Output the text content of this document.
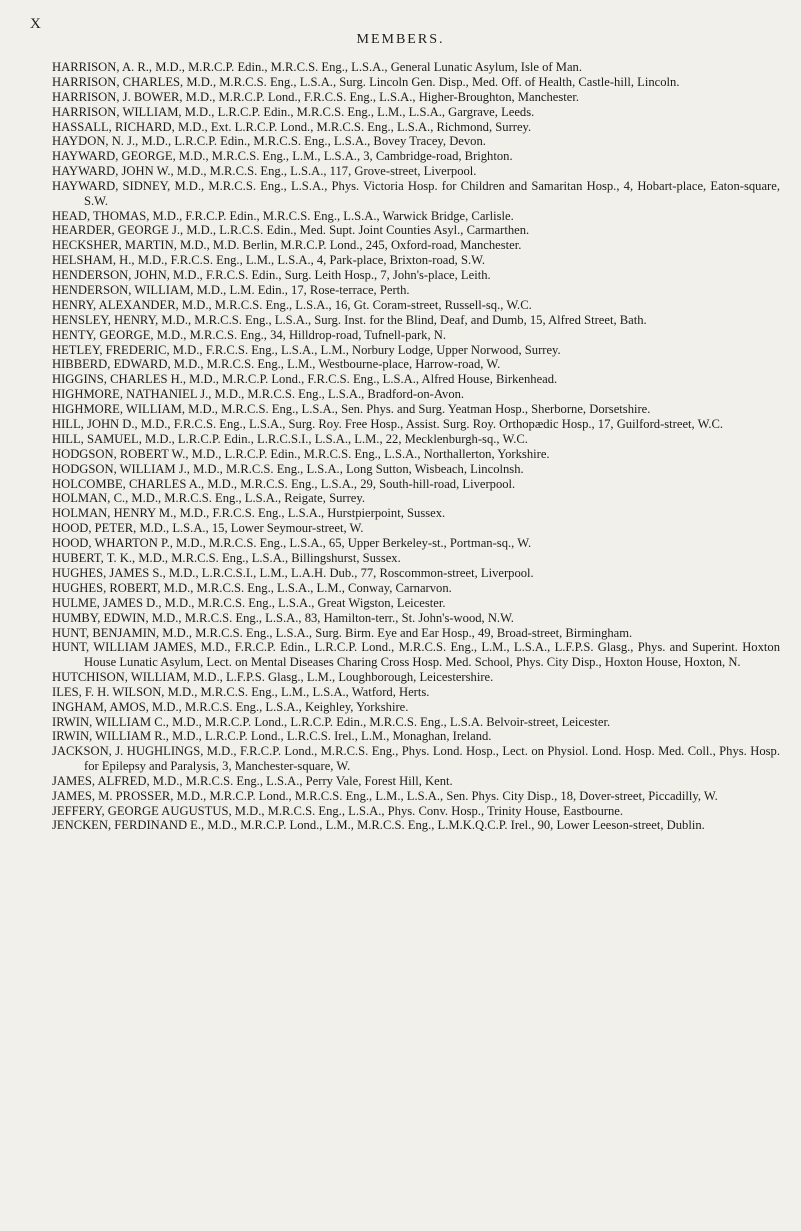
X
MEMBERS.
HARRISON, A. R., M.D., M.R.C.P. Edin., M.R.C.S. Eng., L.S.A., General Lunatic Asylum, Isle of Man.
HARRISON, CHARLES, M.D., M.R.C.S. Eng., L.S.A., Surg. Lincoln Gen. Disp., Med. Off. of Health, Castle-hill, Lincoln.
HARRISON, J. BOWER, M.D., M.R.C.P. Lond., F.R.C.S. Eng., L.S.A., Higher-Broughton, Manchester.
HARRISON, WILLIAM, M.D., L.R.C.P. Edin., M.R.C.S. Eng., L.M., L.S.A., Gargrave, Leeds.
HASSALL, RICHARD, M.D., Ext. L.R.C.P. Lond., M.R.C.S. Eng., L.S.A., Richmond, Surrey.
HAYDON, N. J., M.D., L.R.C.P. Edin., M.R.C.S. Eng., L.S.A., Bovey Tracey, Devon.
HAYWARD, GEORGE, M.D., M.R.C.S. Eng., L.M., L.S.A., 3, Cambridge-road, Brighton.
HAYWARD, JOHN W., M.D., M.R.C.S. Eng., L.S.A., 117, Grove-street, Liverpool.
HAYWARD, SIDNEY, M.D., M.R.C.S. Eng., L.S.A., Phys. Victoria Hosp. for Children and Samaritan Hosp., 4, Hobart-place, Eaton-square, S.W.
HEAD, THOMAS, M.D., F.R.C.P. Edin., M.R.C.S. Eng., L.S.A., Warwick Bridge, Carlisle.
HEARDER, GEORGE J., M.D., L.R.C.S. Edin., Med. Supt. Joint Counties Asyl., Carmarthen.
HECKSHER, MARTIN, M.D., M.D. Berlin, M.R.C.P. Lond., 245, Oxford-road, Manchester.
HELSHAM, H., M.D., F.R.C.S. Eng., L.M., L.S.A., 4, Park-place, Brixton-road, S.W.
HENDERSON, JOHN, M.D., F.R.C.S. Edin., Surg. Leith Hosp., 7, John's-place, Leith.
HENDERSON, WILLIAM, M.D., L.M. Edin., 17, Rose-terrace, Perth.
HENRY, ALEXANDER, M.D., M.R.C.S. Eng., L.S.A., 16, Gt. Coram-street, Russell-sq., W.C.
HENSLEY, HENRY, M.D., M.R.C.S. Eng., L.S.A., Surg. Inst. for the Blind, Deaf, and Dumb, 15, Alfred Street, Bath.
HENTY, GEORGE, M.D., M.R.C.S. Eng., 34, Hilldrop-road, Tufnell-park, N.
HETLEY, FREDERIC, M.D., F.R.C.S. Eng., L.S.A., L.M., Norbury Lodge, Upper Norwood, Surrey.
HIBBERD, EDWARD, M.D., M.R.C.S. Eng., L.M., Westbourne-place, Harrow-road, W.
HIGGINS, CHARLES H., M.D., M.R.C.P. Lond., F.R.C.S. Eng., L.S.A., Alfred House, Birkenhead.
HIGHMORE, NATHANIEL J., M.D., M.R.C.S. Eng., L.S.A., Bradford-on-Avon.
HIGHMORE, WILLIAM, M.D., M.R.C.S. Eng., L.S.A., Sen. Phys. and Surg. Yeatman Hosp., Sherborne, Dorsetshire.
HILL, JOHN D., M.D., F.R.C.S. Eng., L.S.A., Surg. Roy. Free Hosp., Assist. Surg. Roy. Orthopædic Hosp., 17, Guilford-street, W.C.
HILL, SAMUEL, M.D., L.R.C.P. Edin., L.R.C.S.I., L.S.A., L.M., 22, Mecklenburgh-sq., W.C.
HODGSON, ROBERT W., M.D., L.R.C.P. Edin., M.R.C.S. Eng., L.S.A., Northallerton, Yorkshire.
HODGSON, WILLIAM J., M.D., M.R.C.S. Eng., L.S.A., Long Sutton, Wisbeach, Lincolnsh.
HOLCOMBE, CHARLES A., M.D., M.R.C.S. Eng., L.S.A., 29, South-hill-road, Liverpool.
HOLMAN, C., M.D., M.R.C.S. Eng., L.S.A., Reigate, Surrey.
HOLMAN, HENRY M., M.D., F.R.C.S. Eng., L.S.A., Hurstpierpoint, Sussex.
HOOD, PETER, M.D., L.S.A., 15, Lower Seymour-street, W.
HOOD, WHARTON P., M.D., M.R.C.S. Eng., L.S.A., 65, Upper Berkeley-st., Portman-sq., W.
HUBERT, T. K., M.D., M.R.C.S. Eng., L.S.A., Billingshurst, Sussex.
HUGHES, JAMES S., M.D., L.R.C.S.I., L.M., L.A.H. Dub., 77, Roscommon-street, Liverpool.
HUGHES, ROBERT, M.D., M.R.C.S. Eng., L.S.A., L.M., Conway, Carnarvon.
HULME, JAMES D., M.D., M.R.C.S. Eng., L.S.A., Great Wigston, Leicester.
HUMBY, EDWIN, M.D., M.R.C.S. Eng., L.S.A., 83, Hamilton-terr., St. John's-wood, N.W.
HUNT, BENJAMIN, M.D., M.R.C.S. Eng., L.S.A., Surg. Birm. Eye and Ear Hosp., 49, Broad-street, Birmingham.
HUNT, WILLIAM JAMES, M.D., F.R.C.P. Edin., L.R.C.P. Lond., M.R.C.S. Eng., L.M., L.S.A., L.F.P.S. Glasg., Phys. and Superint. Hoxton House Lunatic Asylum, Lect. on Mental Diseases Charing Cross Hosp. Med. School, Phys. City Disp., Hoxton House, Hoxton, N.
HUTCHISON, WILLIAM, M.D., L.F.P.S. Glasg., L.M., Loughborough, Leicestershire.
ILES, F. H. WILSON, M.D., M.R.C.S. Eng., L.M., L.S.A., Watford, Herts.
INGHAM, AMOS, M.D., M.R.C.S. Eng., L.S.A., Keighley, Yorkshire.
IRWIN, WILLIAM C., M.D., M.R.C.P. Lond., L.R.C.P. Edin., M.R.C.S. Eng., L.S.A. Belvoir-street, Leicester.
IRWIN, WILLIAM R., M.D., L.R.C.P. Lond., L.R.C.S. Irel., L.M., Monaghan, Ireland.
JACKSON, J. HUGHLINGS, M.D., F.R.C.P. Lond., M.R.C.S. Eng., Phys. Lond. Hosp., Lect. on Physiol. Lond. Hosp. Med. Coll., Phys. Hosp. for Epilepsy and Paralysis, 3, Manchester-square, W.
JAMES, ALFRED, M.D., M.R.C.S. Eng., L.S.A., Perry Vale, Forest Hill, Kent.
JAMES, M. PROSSER, M.D., M.R.C.P. Lond., M.R.C.S. Eng., L.M., L.S.A., Sen. Phys. City Disp., 18, Dover-street, Piccadilly, W.
JEFFERY, GEORGE AUGUSTUS, M.D., M.R.C.S. Eng., L.S.A., Phys. Conv. Hosp., Trinity House, Eastbourne.
JENCKEN, FERDINAND E., M.D., M.R.C.P. Lond., L.M., M.R.C.S. Eng., L.M.K.Q.C.P. Irel., 90, Lower Leeson-street, Dublin.
